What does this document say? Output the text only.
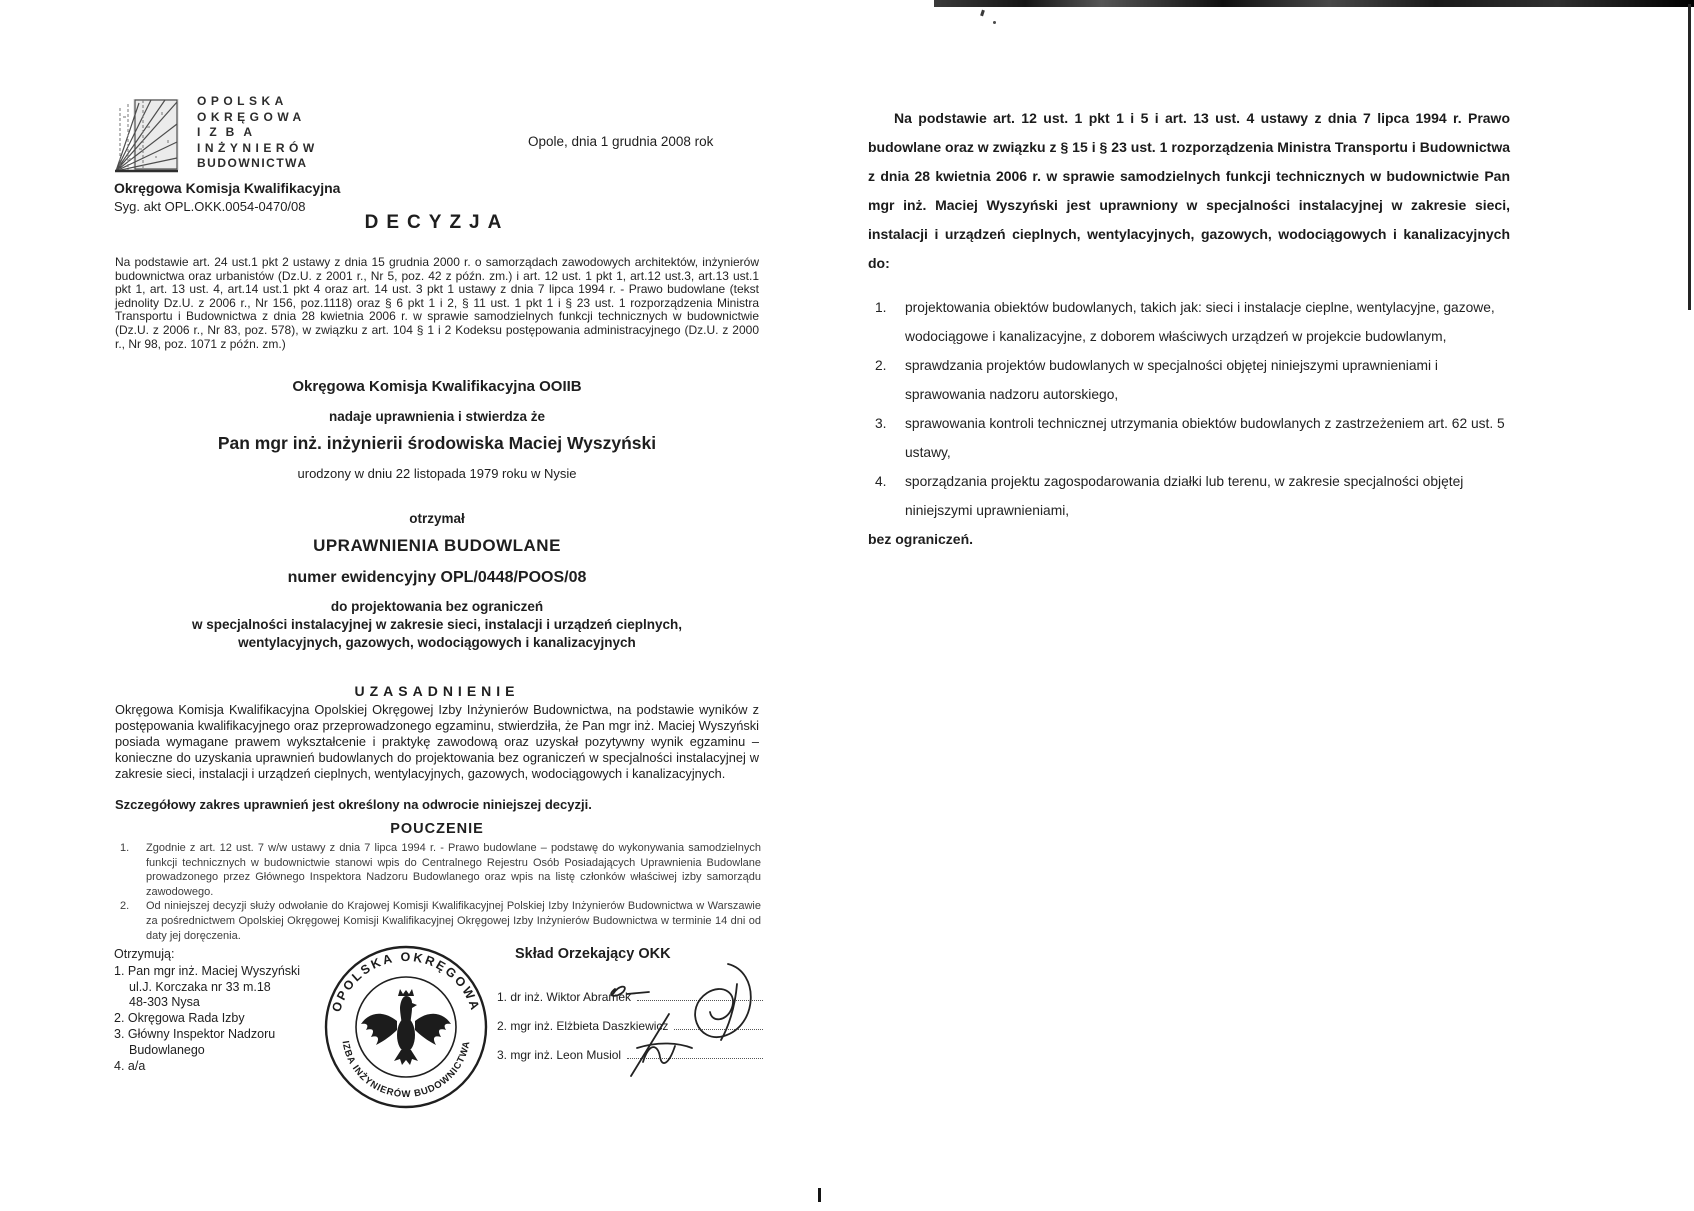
OPOLSKA
OKRĘGOWA
IZBA
INŻYNIERÓW
BUDOWNICTWA
Okręgowa Komisja Kwalifikacyjna
Syg. akt OPL.OKK.0054-0470/08
Opole, dnia 1 grudnia 2008 rok
DECYZJA

Na podstawie art. 24 ust.1 pkt 2 ustawy z dnia 15 grudnia 2000 r. o samorządach zawodowych architektów, inżynierów budownictwa oraz urbanistów (Dz.U. z 2001 r., Nr 5, poz. 42 z późn. zm.) i art. 12 ust. 1 pkt 1, art.12 ust.3, art.13 ust.1 pkt 1, art. 13 ust. 4, art.14 ust.1 pkt 4 oraz art. 14 ust. 3 pkt 1 ustawy z dnia 7 lipca 1994 r. - Prawo budowlane (tekst jednolity Dz.U. z 2006 r., Nr 156, poz.1118) oraz § 6 pkt 1 i 2, § 11 ust. 1 pkt 1 i § 23 ust. 1 rozporządzenia Ministra Transportu i Budownictwa z dnia 28 kwietnia 2006 r. w sprawie samodzielnych funkcji technicznych w budownictwie (Dz.U. z 2006 r., Nr 83, poz. 578), w związku z art. 104 § 1 i 2 Kodeksu postępowania administracyjnego (Dz.U. z 2000 r., Nr 98, poz. 1071 z późn. zm.)

Okręgowa Komisja Kwalifikacyjna OOIIB
nadaje uprawnienia i stwierdza że
Pan mgr inż. inżynierii środowiska Maciej Wyszyński
urodzony w dniu 22 listopada 1979 roku w Nysie
otrzymał
UPRAWNIENIA BUDOWLANE
numer ewidencyjny OPL/0448/POOS/08
do projektowania bez ograniczeń
w specjalności instalacyjnej w zakresie sieci, instalacji i urządzeń cieplnych,
wentylacyjnych, gazowych, wodociągowych i kanalizacyjnych
UZASADNIENIE

Okręgowa Komisja Kwalifikacyjna Opolskiej Okręgowej Izby Inżynierów Budownictwa, na podstawie wyników z postępowania kwalifikacyjnego oraz przeprowadzonego egzaminu, stwierdziła, że Pan mgr inż. Maciej Wyszyński posiada wymagane prawem wykształcenie i praktykę zawodową oraz uzyskał pozytywny wynik egzaminu – konieczne do uzyskania uprawnień budowlanych do projektowania bez ograniczeń w specjalności instalacyjnej w zakresie sieci, instalacji i urządzeń cieplnych, wentylacyjnych, gazowych, wodociągowych i kanalizacyjnych.

Szczegółowy zakres uprawnień jest określony na odwrocie niniejszej decyzji.

POUCZENIE
1.	Zgodnie z art. 12 ust. 7 w/w ustawy z dnia 7 lipca 1994 r. - Prawo budowlane – podstawę do wykonywania samodzielnych funkcji technicznych w budownictwie stanowi wpis do Centralnego Rejestru Osób Posiadających Uprawnienia Budowlane prowadzonego przez Głównego Inspektora Nadzoru Budowlanego oraz wpis na listę członków właściwej izby samorządu zawodowego.
2.	Od niniejszej decyzji służy odwołanie do Krajowej Komisji Kwalifikacyjnej Polskiej Izby Inżynierów Budownictwa w Warszawie za pośrednictwem Opolskiej Okręgowej Komisji Kwalifikacyjnej Okręgowej Izby Inżynierów Budownictwa w terminie 14 dni od daty jej doręczenia.
Otrzymują:
1. Pan mgr inż. Maciej Wyszyński
ul.J. Korczaka nr 33 m.18
48-303 Nysa
2. Okręgowa Rada Izby
3. Główny Inspektor Nadzoru
Budowlanego
4. a/a
OPOLSKA OKRĘGOWA
IZBA INŻYNIERÓW BUDOWNICTWA
Skład Orzekający OKK
1.
dr inż. Wiktor Abramek
2.
mgr inż. Elżbieta Daszkiewicz
3.
mgr inż. Leon Musiol

Na podstawie art. 12 ust. 1 pkt 1 i 5 i art. 13 ust. 4 ustawy z dnia 7 lipca 1994 r. Prawo budowlane oraz w związku z § 15 i § 23 ust. 1 rozporządzenia Ministra Transportu i Budownictwa z dnia 28 kwietnia 2006 r. w sprawie samodzielnych funkcji technicznych w budownictwie Pan mgr inż. Maciej Wyszyński jest uprawniony w specjalności instalacyjnej w zakresie sieci, instalacji i urządzeń cieplnych, wentylacyjnych, gazowych, wodociągowych i kanalizacyjnych do:

1.	projektowania obiektów budowlanych, takich jak: sieci i instalacje cieplne, wentylacyjne, gazowe, wodociągowe i kanalizacyjne, z doborem właściwych urządzeń w projekcie budowlanym,
2.	sprawdzania projektów budowlanych w specjalności objętej niniejszymi uprawnieniami i sprawowania nadzoru autorskiego,
3.	sprawowania kontroli technicznej utrzymania obiektów budowlanych z zastrzeżeniem art. 62 ust. 5 ustawy,
4.	sporządzania projektu zagospodarowania działki lub terenu, w zakresie specjalności objętej niniejszymi uprawnieniami,
bez ograniczeń.
